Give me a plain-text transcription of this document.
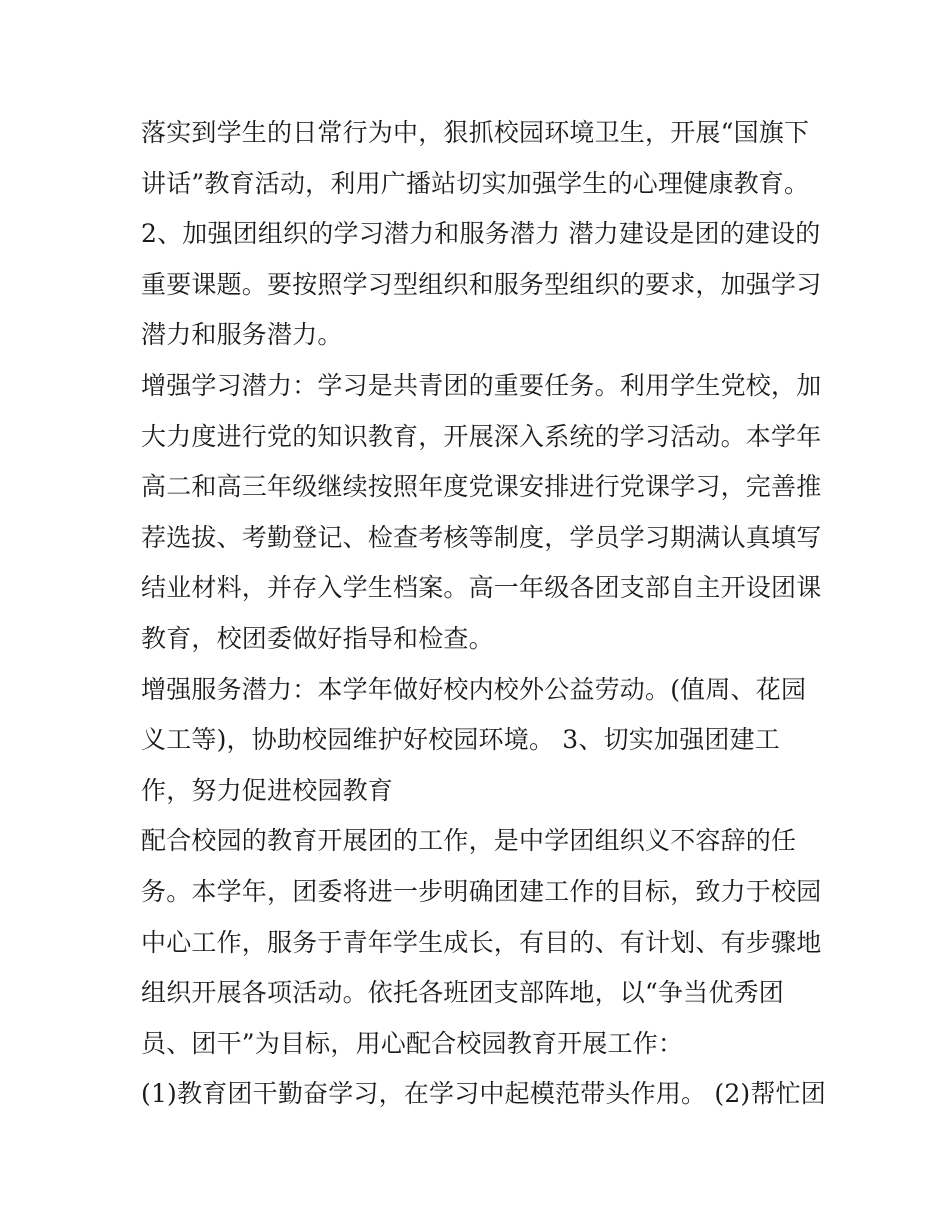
落实到学生的日常行为中，狠抓校园环境卫生，开展“国旗下
讲话”教育活动，利用广播站切实加强学生的心理健康教育。
2、加强团组织的学习潜力和服务潜力 潜力建设是团的建设的
重要课题。要按照学习型组织和服务型组织的要求，加强学习
潜力和服务潜力。
增强学习潜力：学习是共青团的重要任务。利用学生党校，加
大力度进行党的知识教育，开展深入系统的学习活动。本学年
高二和高三年级继续按照年度党课安排进行党课学习，完善推
荐选拔、考勤登记、检查考核等制度，学员学习期满认真填写
结业材料，并存入学生档案。高一年级各团支部自主开设团课
教育，校团委做好指导和检查。
增强服务潜力：本学年做好校内校外公益劳动。(值周、花园
义工等)，协助校园维护好校园环境。 3、切实加强团建工
作，努力促进校园教育
配合校园的教育开展团的工作，是中学团组织义不容辞的任
务。本学年，团委将进一步明确团建工作的目标，致力于校园
中心工作，服务于青年学生成长，有目的、有计划、有步骤地
组织开展各项活动。依托各班团支部阵地，以“争当优秀团
员、团干”为目标，用心配合校园教育开展工作：
(1)教育团干勤奋学习，在学习中起模范带头作用。 (2)帮忙团
